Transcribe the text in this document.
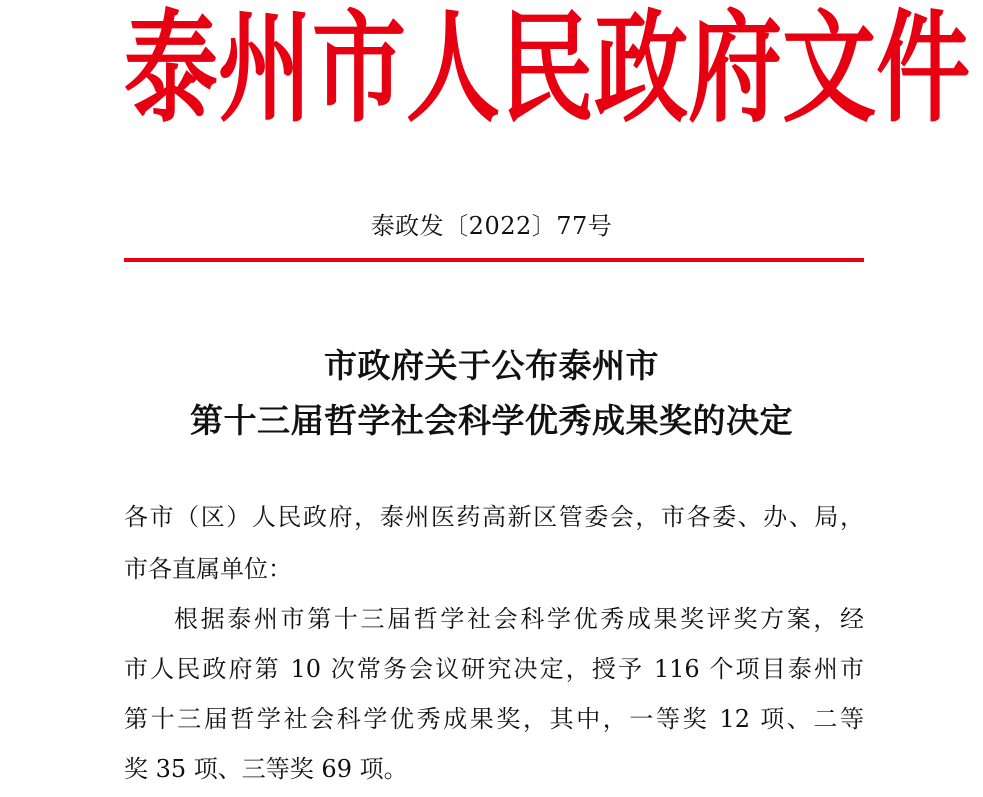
泰 州 市 人 民 政 府 文 件
泰政发〔2022〕77号
市政府关于公布泰州市
第十三届哲学社会科学优秀成果奖的决定
各市（区）人民政府，泰州医药高新区管委会，市各委、办、局，
市各直属单位：
根据泰州市第十三届哲学社会科学优秀成果奖评奖方案，经
市人民政府第 10 次常务会议研究决定，授予 116 个项目泰州市
第十三届哲学社会科学优秀成果奖，其中，一等奖 12 项、二等
奖 35 项、三等奖 69 项。
